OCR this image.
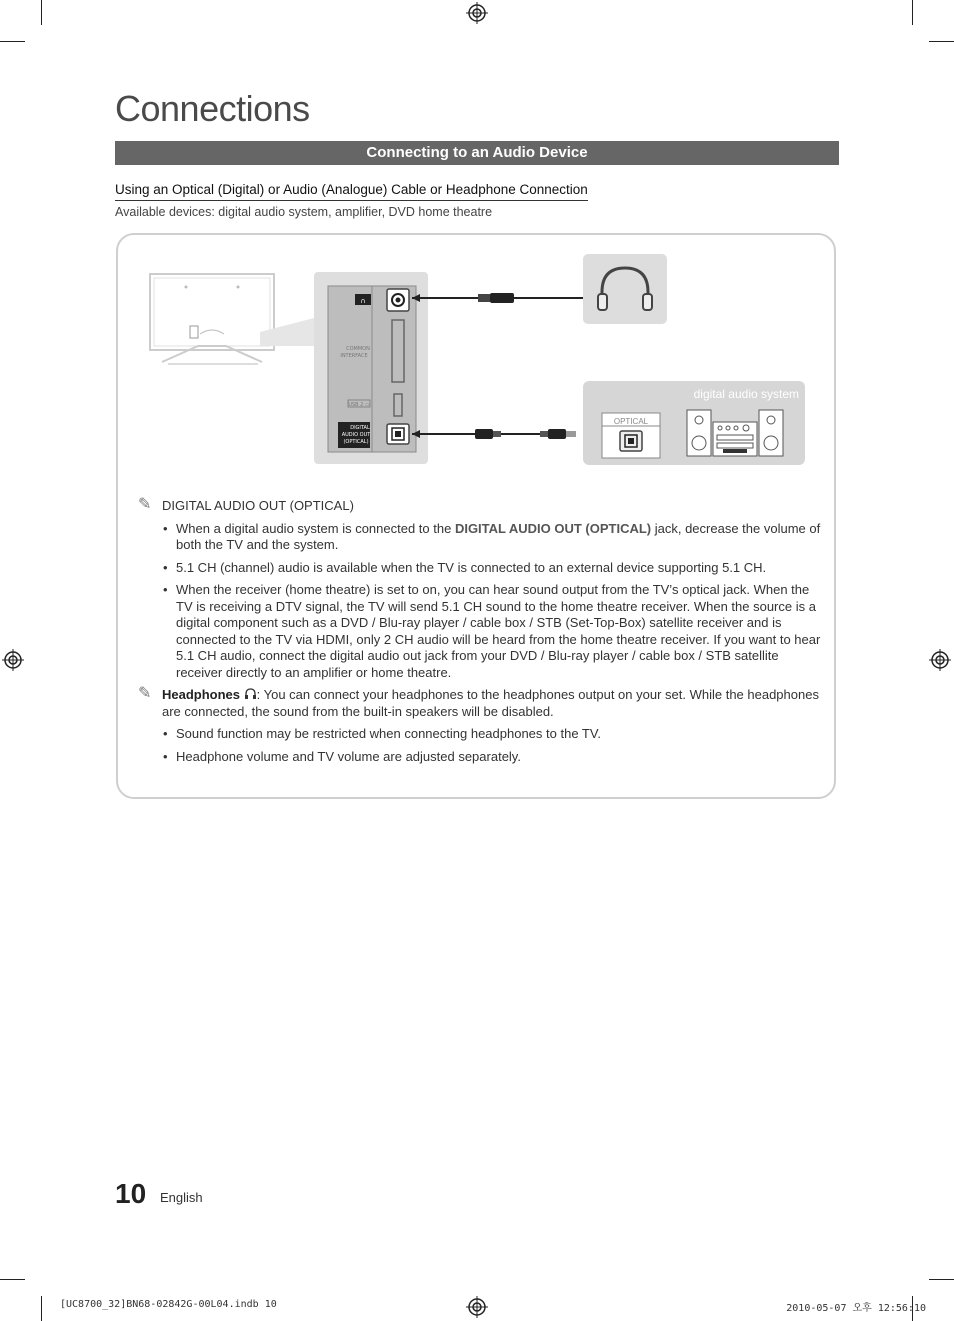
Connections
Connecting to an Audio Device
Using an Optical (Digital) or Audio (Analogue) Cable or Headphone Connection
Available devices: digital audio system, amplifier, DVD home theatre
∩
COMMON
INTERFACE
USB 2 ▭
DIGITAL
AUDIO OUT
(OPTICAL)
digital audio system
OPTICAL
✎ DIGITAL AUDIO OUT (OPTICAL)
• When a digital audio system is connected to the DIGITAL AUDIO OUT (OPTICAL) jack, decrease the volume of both the TV and the system.
• 5.1 CH (channel) audio is available when the TV is connected to an external device supporting 5.1 CH.
• When the receiver (home theatre) is set to on, you can hear sound output from the TV’s optical jack. When the TV is receiving a DTV signal, the TV will send 5.1 CH sound to the home theatre receiver. When the source is a digital component such as a DVD / Blu-ray player / cable box / STB (Set-Top-Box) satellite receiver and is connected to the TV via HDMI, only 2 CH audio will be heard from the home theatre receiver. If you want to hear 5.1 CH audio, connect the digital audio out jack from your DVD / Blu-ray player / cable box / STB satellite receiver directly to an amplifier or home theatre.
✎ Headphones : You can connect your headphones to the headphones output on your set. While the headphones are connected, the sound from the built-in speakers will be disabled.
• Sound function may be restricted when connecting headphones to the TV.
• Headphone volume and TV volume are adjusted separately.
10 English
[UC8700_32]BN68-02842G-00L04.indb 10	2010-05-07 오후 12:56:10
